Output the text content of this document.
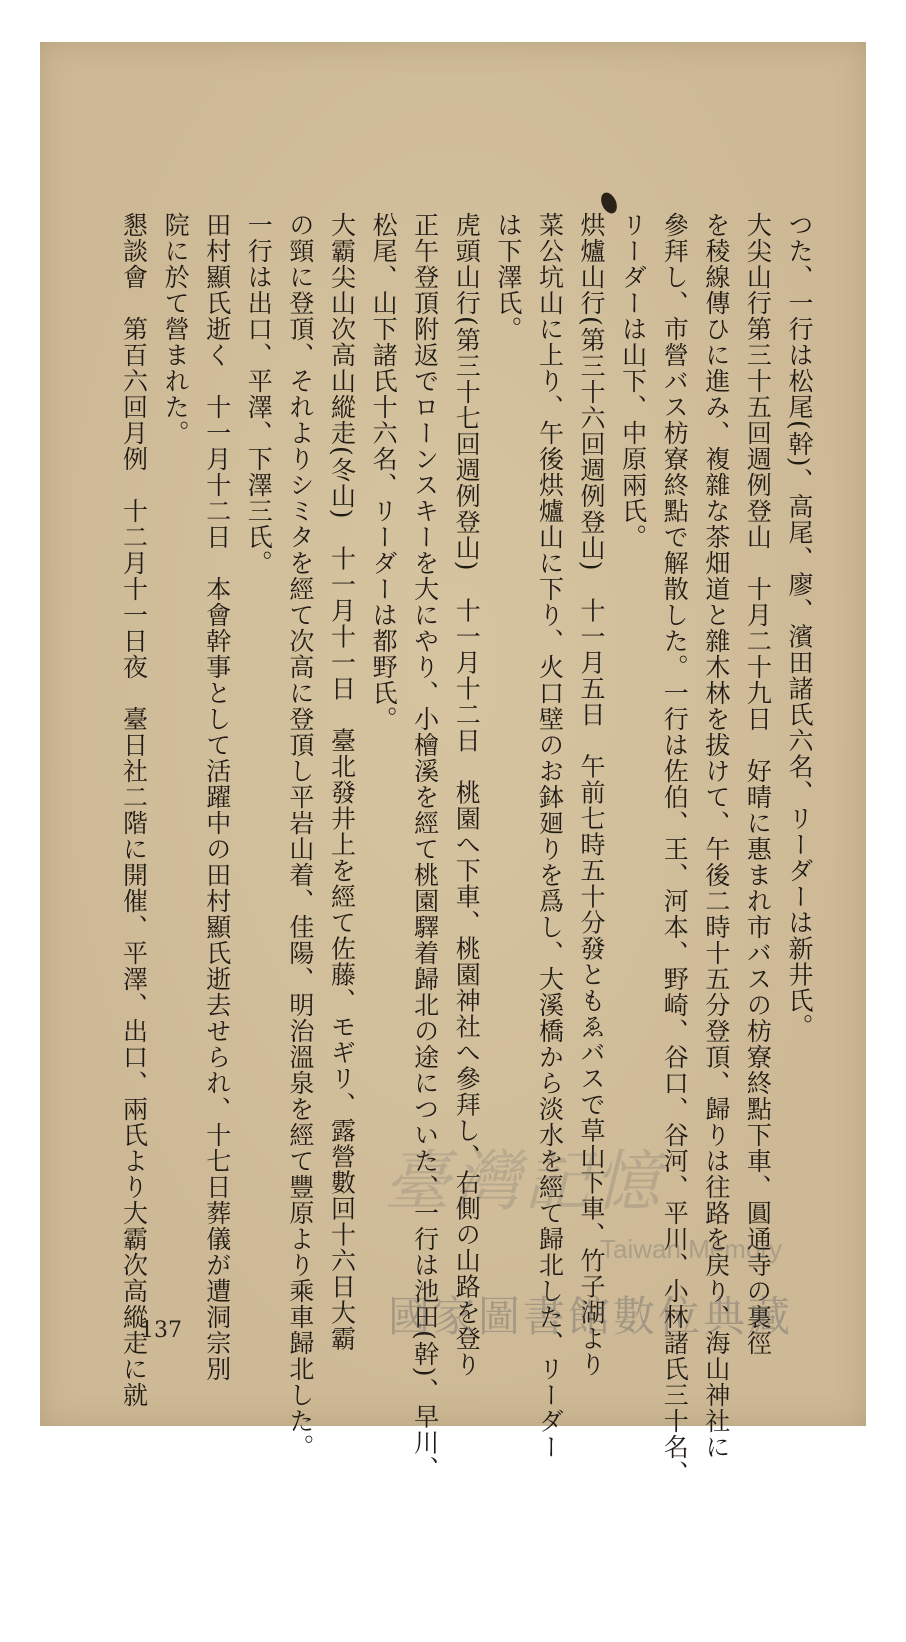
つた、一行は松尾(幹)、高尾、廖、濱田諸氏六名、リーダーは新井氏。
大尖山行第三十五回週例登山　十月二十九日　好晴に惠まれ市バスの枋寮終點下車、圓通寺の裏徑
を稜線傳ひに進み、複雜な茶畑道と雜木林を拔けて、午後二時十五分登頂、歸りは往路を戻り、海山神社に
參拜し、市營バス枋寮終點で解散した。一行は佐伯、王、河本、野崎、谷口、谷河、平川、小林諸氏三十名、
リーダーは山下、中原兩氏。
烘爐山行(第三十六回週例登山)　十一月五日　午前七時五十分發ともゑバスで草山下車、竹子湖より
菜公坑山に上り、午後烘爐山に下り、火口壁のお鉢廻りを爲し、大溪橋から淡水を經て歸北した、リーダー
は下澤氏。
虎頭山行(第三十七回週例登山)　十一月十二日　桃園へ下車、桃園神社へ參拜し、右側の山路を登り
正午登頂附返でローンスキーを大にやり、小檜溪を經て桃園驛着歸北の途についた、一行は池田(幹)、早川、
松尾、山下諸氏十六名、リーダーは都野氏。
大霸尖山次高山縱走(冬山)　十一月十一日　臺北發井上を經て佐藤、モギリ、露營數回十六日大霸
の頸に登頂、それよりシミタを經て次高に登頂し平岩山着、佳陽、明治溫泉を經て豐原より乘車歸北した。
一行は出口、平澤、下澤三氏。
田村顯氏逝く　十一月十二日　本會幹事として活躍中の田村顯氏逝去せられ、十七日葬儀が遭洞宗別
院に於て營まれた。
懇談會　第百六回月例　十二月十一日夜　臺日社二階に開催、平澤、出口、兩氏より大霸次高縱走に就
137
臺灣記憶
Taiwan Memory
國家圖書館數位典藏
